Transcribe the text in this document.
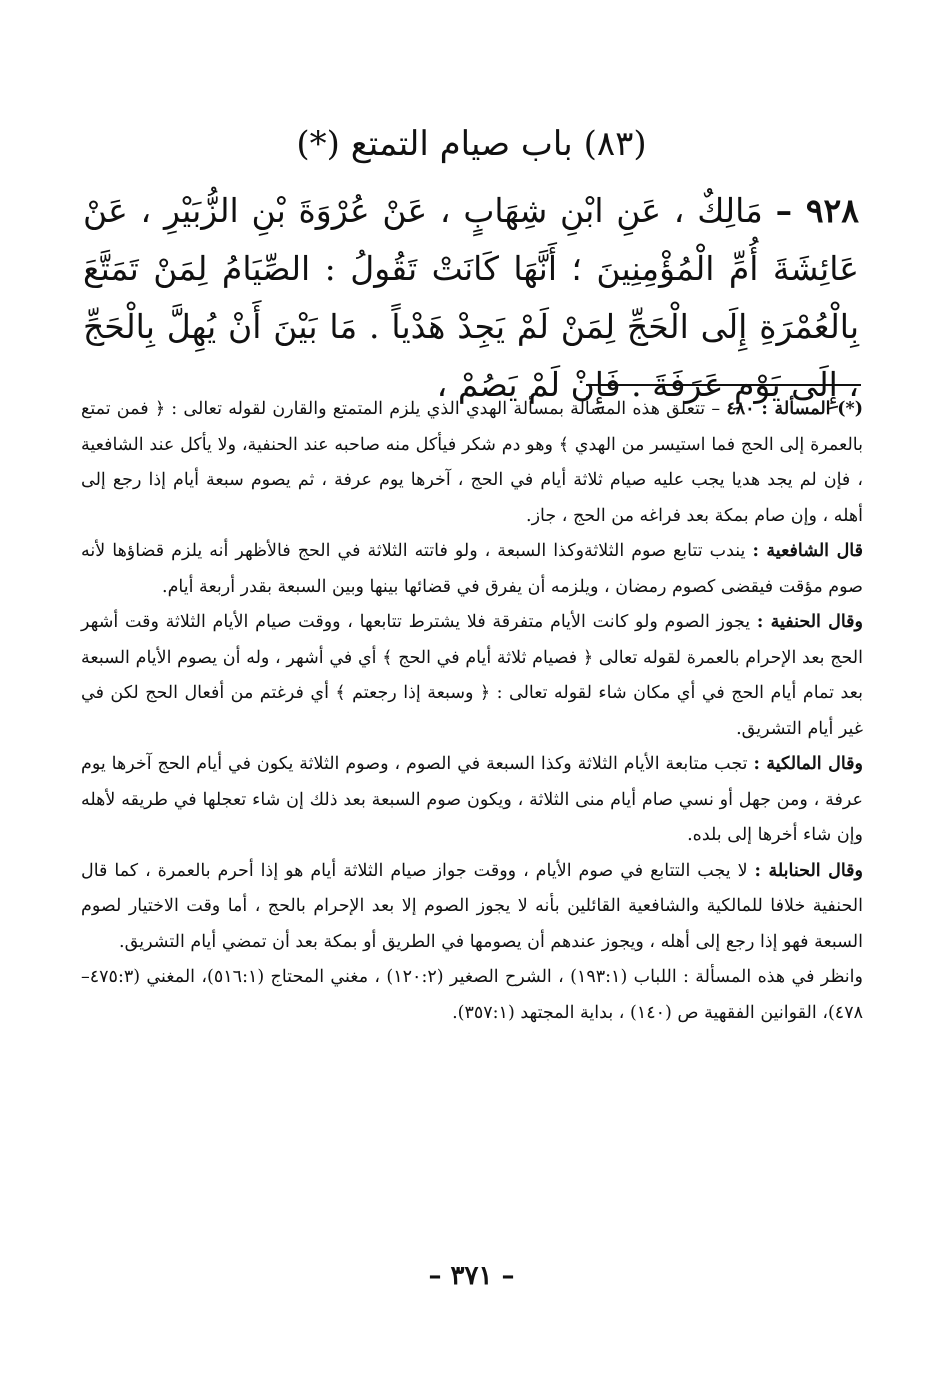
(٨٣) باب صيام التمتع (*)
٩٢٨ – مَالِكٌ ، عَنِ ابْنِ شِهَابٍ ، عَنْ عُرْوَةَ بْنِ الزُّبَيْرِ ، عَنْ عَائِشَةَ أُمِّ الْمُؤْمِنِينَ ؛ أَنَّهَا كَانَتْ تَقُولُ : الصِّيَامُ لِمَنْ تَمَتَّعَ بِالْعُمْرَةِ إِلَى الْحَجِّ لِمَنْ لَمْ يَجِدْ هَدْياً . مَا بَيْنَ أَنْ يُهِلَّ بِالْحَجِّ ، إِلَى يَوْمِ عَرَفَةَ . فَإِنْ لَمْ يَصُمْ ،

(*) المسألة : ٤٨٠ – تتعلق هذه المسألة بمسألة الهدي الذي يلزم المتمتع والقارن لقوله تعالى : ﴿ فمن تمتع بالعمرة إلى الحج فما استيسر من الهدي ﴾ وهو دم شكر فيأكل منه صاحبه عند الحنفية، ولا يأكل عند الشافعية ، فإن لم يجد هديا يجب عليه صيام ثلاثة أيام في الحج ، آخرها يوم عرفة ، ثم يصوم سبعة أيام إذا رجع إلى أهله ، وإن صام بمكة بعد فراغه من الحج ، جاز.

قال الشافعية : يندب تتابع صوم الثلاثةوكذا السبعة ، ولو فاتته الثلاثة في الحج فالأظهر أنه يلزم قضاؤها لأنه صوم مؤقت فيقضى كصوم رمضان ، ويلزمه أن يفرق في قضائها بينها وبين السبعة بقدر أربعة أيام.

وقال الحنفية : يجوز الصوم ولو كانت الأيام متفرقة فلا يشترط تتابعها ، ووقت صيام الأيام الثلاثة وقت أشهر الحج بعد الإحرام بالعمرة لقوله تعالى ﴿ فصيام ثلاثة أيام في الحج ﴾ أي في أشهر ، وله أن يصوم الأيام السبعة بعد تمام أيام الحج في أي مكان شاء لقوله تعالى : ﴿ وسبعة إذا رجعتم ﴾ أي فرغتم من أفعال الحج لكن في غير أيام التشريق.

وقال المالكية : تجب متابعة الأيام الثلاثة وكذا السبعة في الصوم ، وصوم الثلاثة يكون في أيام الحج آخرها يوم عرفة ، ومن جهل أو نسي صام أيام منى الثلاثة ، ويكون صوم السبعة بعد ذلك إن شاء تعجلها في طريقه لأهله وإن شاء أخرها إلى بلده.

وقال الحنابلة : لا يجب التتابع في صوم الأيام ، ووقت جواز صيام الثلاثة أيام هو إذا أحرم بالعمرة ، كما قال الحنفية خلافا للمالكية والشافعية القائلين بأنه لا يجوز الصوم إلا بعد الإحرام بالحج ، أما وقت الاختيار لصوم السبعة فهو إذا رجع إلى أهله ، ويجوز عندهم أن يصومها في الطريق أو بمكة بعد أن تمضي أيام التشريق.

وانظر في هذه المسألة : اللباب (١٩٣:١) ، الشرح الصغير (١٢٠:٢) ، مغني المحتاج (٥١٦:١)، المغني (٤٧٥:٣–٤٧٨)، القوانين الفقهية ص (١٤٠) ، بداية المجتهد (٣٥٧:١).

– ٣٧١ –
